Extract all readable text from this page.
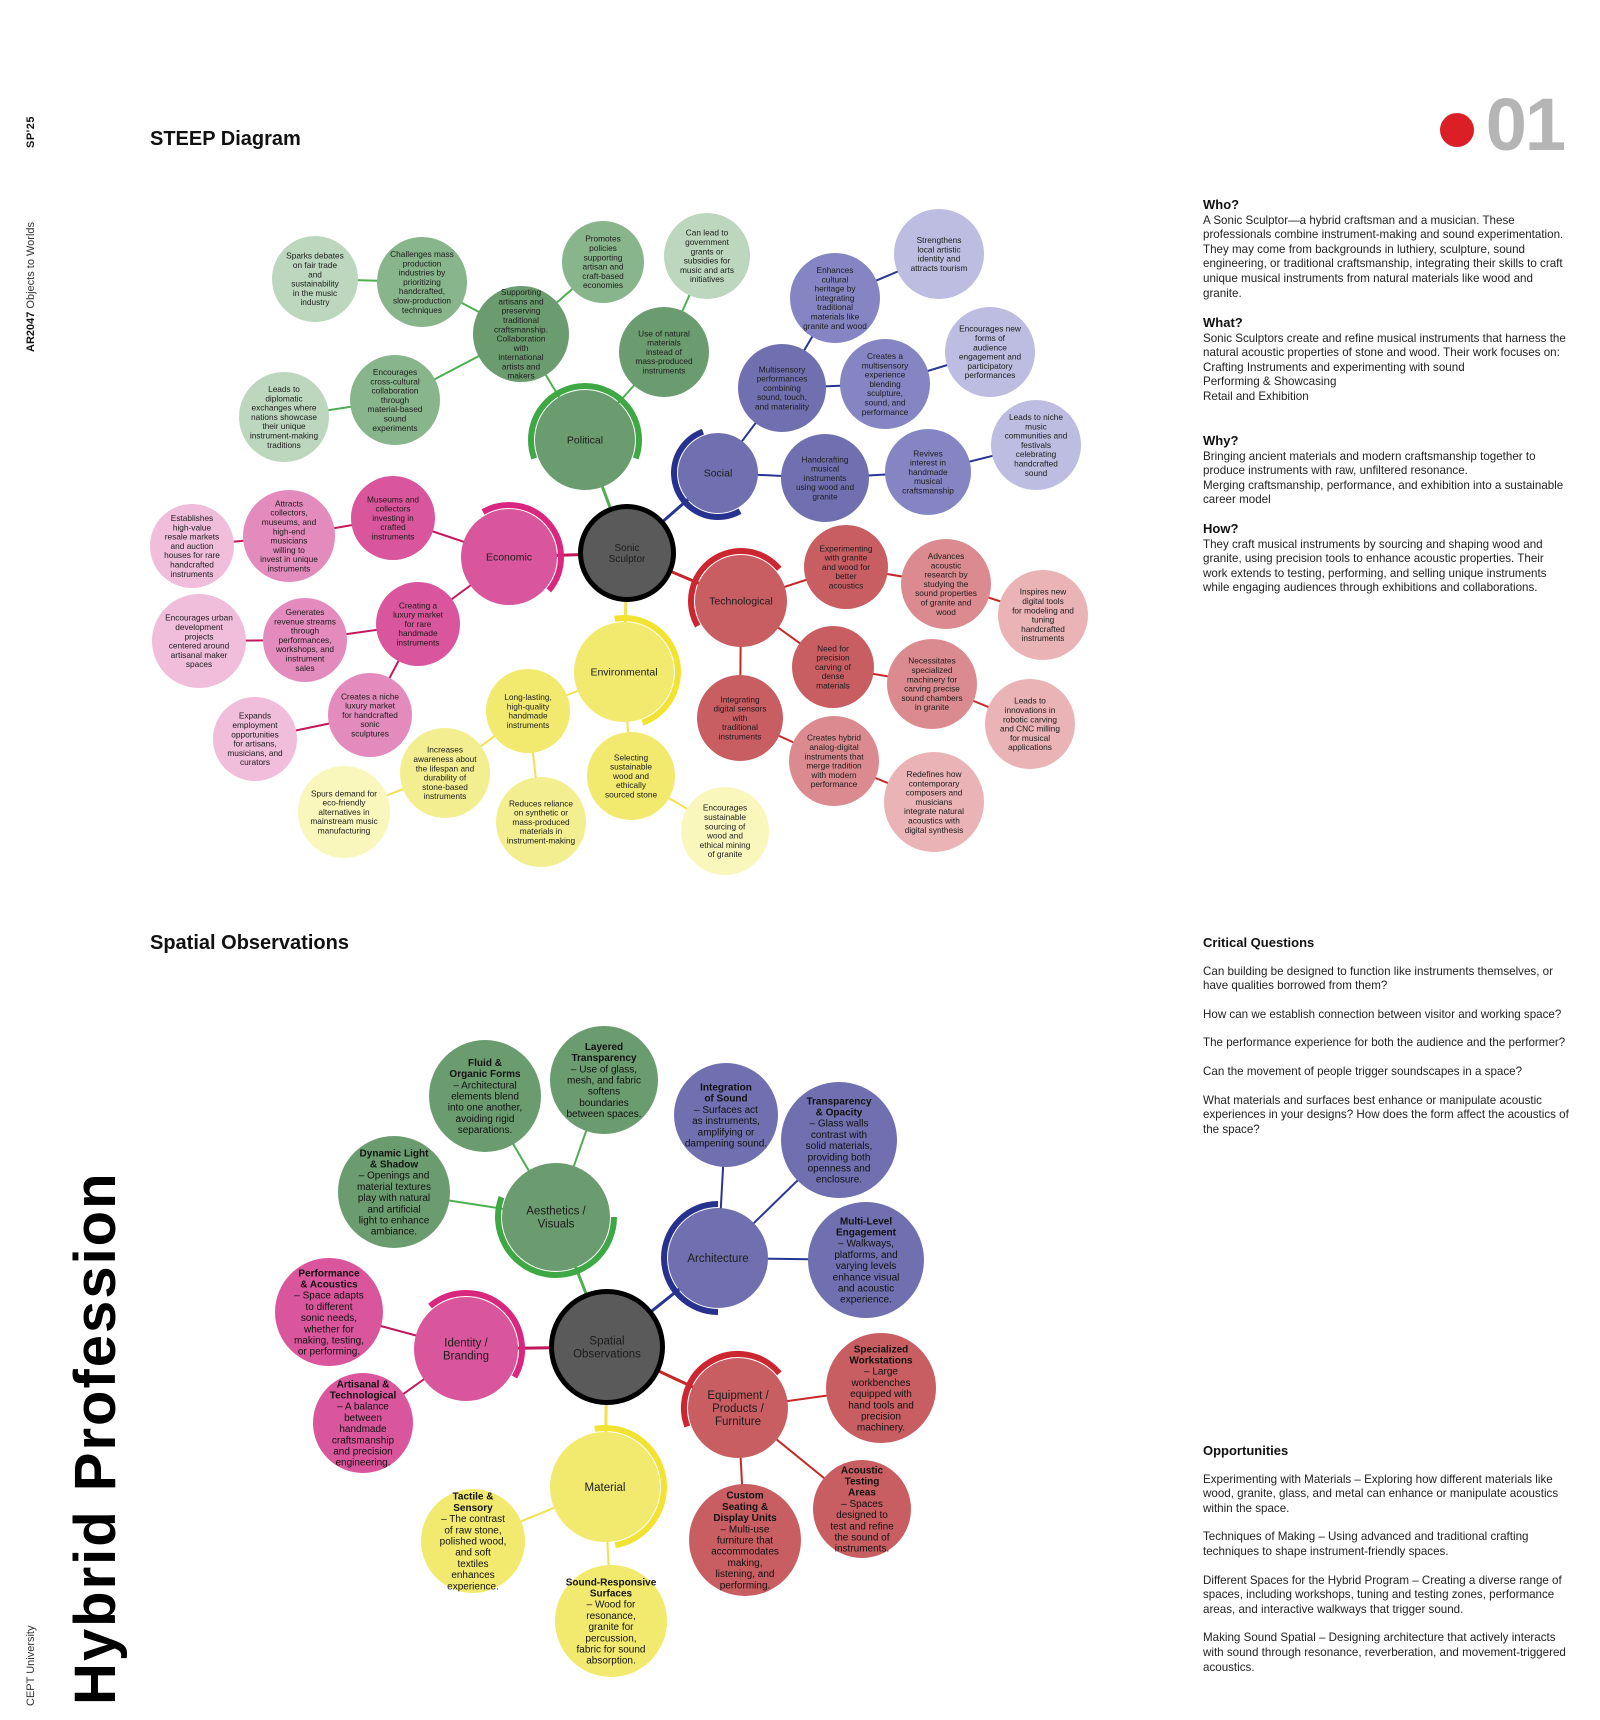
SP'25
AR2047 Objects to Worlds
CEPT University Hybrid Profession
01
STEEP Diagram
Spatial Observations
Sonic Sculptor
Political
Social
Technological
Environmental
Economic
Supporting artisans and preserving traditional craftsmanship. Collaboration with international artists and makers
Use of natural materials instead of mass-produced instruments
Promotes policies supporting artisan and craft-based economies
Can lead to government grants or subsidies for music and arts initiatives
Challenges mass production industries by prioritizing handcrafted, slow-production techniques
Sparks debates on fair trade and sustainability in the music industry
Encourages cross-cultural collaboration through material-based sound experiments
Leads to diplomatic exchanges where nations showcase their unique instrument-making traditions
Multisensory performances combining sound, touch, and materiality
Handcrafting musical instruments using wood and granite
Enhances cultural heritage by integrating traditional materials like granite and wood
Strengthens local artistic identity and attracts tourism
Creates a multisensory experience blending sculpture, sound, and performance
Encourages new forms of audience engagement and participatory performances
Revives interest in handmade musical craftsmanship
Leads to niche music communities and festivals celebrating handcrafted sound
Experimenting with granite and wood for better acoustics
Advances acoustic research by studying the sound properties of granite and wood
Inspires new digital tools for modeling and tuning handcrafted instruments
Need for precision carving of dense materials
Necessitates specialized machinery for carving precise sound chambers in granite
Leads to innovations in robotic carving and CNC milling for musical applications
Integrating digital sensors with traditional instruments	Creates hybrid analog-digital instruments that merge tradition with modern performance
Redefines how contemporary composers and musicians integrate natural acoustics with digital synthesis
Selecting sustainable wood and ethically sourced stone
Encourages sustainable sourcing of wood and ethical mining of granite
Long-lasting, high-quality handmade instruments
Increases awareness about the lifespan and durability of stone-based instruments
Spurs demand for eco-friendly alternatives in mainstream music manufacturing
Reduces reliance on synthetic or mass-produced materials in instrument-making
Museums and collectors investing in crafted instruments
Attracts collectors, museums, and high-end musicians willing to invest in unique instruments
Establishes high-value resale markets and auction houses for rare handcrafted instruments
Creating a luxury market for rare handmade instruments
Generates revenue streams through performances, workshops, and instrument sales
Encourages urban development projects centered around artisanal maker spaces
Creates a niche luxury market for handcrafted sonic sculptures
Expands employment opportunities for artisans, musicians, and curators
Spatial Observations
Aesthetics / Visuals
Architecture
Equipment / Products / Furniture
Material
Identity / Branding
Fluid & Organic Forms – Architectural elements blend into one another, avoiding rigid separations.
Layered Transparency – Use of glass, mesh, and fabric softens boundaries between spaces.
Dynamic Light & Shadow – Openings and material textures play with natural and artificial light to enhance ambiance.
Integration of Sound – Surfaces act as instruments, amplifying or dampening sound.
Transparency & Opacity – Glass walls contrast with solid materials, providing both openness and enclosure.
Multi-Level Engagement – Walkways, platforms, and varying levels enhance visual and acoustic experience.
Specialized Workstations – Large workbenches equipped with hand tools and precision machinery.
Acoustic Testing Areas – Spaces designed to test and refine the sound of instruments.
Custom Seating & Display Units – Multi-use furniture that accommodates making, listening, and performing.
Tactile & Sensory – The contrast of raw stone, polished wood, and soft textiles enhances experience.	Sound-Responsive Surfaces – Wood for resonance, granite for percussion, fabric for sound absorption.
Performance & Acoustics – Space adapts to different sonic needs, whether for making, testing, or performing.
Artisanal & Technological – A balance between handmade craftsmanship and precision engineering.
Who?

A Sonic Sculptor—a hybrid craftsman and a musician. These professionals combine instrument-making and sound experimentation. They may come from backgrounds in luthiery, sculpture, sound engineering, or traditional craftsmanship, integrating their skills to craft unique musical instruments from natural materials like wood and granite.

What?

Sonic Sculptors create and refine musical instruments that harness the natural acoustic properties of stone and wood. Their work focuses on:

Crafting Instruments and experimenting with sound

Performing & Showcasing

Retail and Exhibition

Why?

Bringing ancient materials and modern craftsmanship together to produce instruments with raw, unfiltered resonance.

Merging craftsmanship, performance, and exhibition into a sustainable career model

How?

They craft musical instruments by sourcing and shaping wood and granite, using precision tools to enhance acoustic properties. Their work extends to testing, performing, and selling unique instruments while engaging audiences through exhibitions and collaborations.

Critical Questions

Can building be designed to function like instruments themselves, or have qualities borrowed from them?

How can we establish connection between visitor and working space?

The performance experience for both the audience and the performer?

Can the movement of people trigger soundscapes in a space?

What materials and surfaces best enhance or manipulate acoustic experiences in your designs? How does the form affect the acoustics of the space?

Opportunities

Experimenting with Materials – Exploring how different materials like wood, granite, glass, and metal can enhance or manipulate acoustics within the space.

Techniques of Making – Using advanced and traditional crafting techniques to shape instrument-friendly spaces.

Different Spaces for the Hybrid Program – Creating a diverse range of spaces, including workshops, tuning and testing zones, performance areas, and interactive walkways that trigger sound.

Making Sound Spatial – Designing architecture that actively interacts with sound through resonance, reverberation, and movement-triggered acoustics.
